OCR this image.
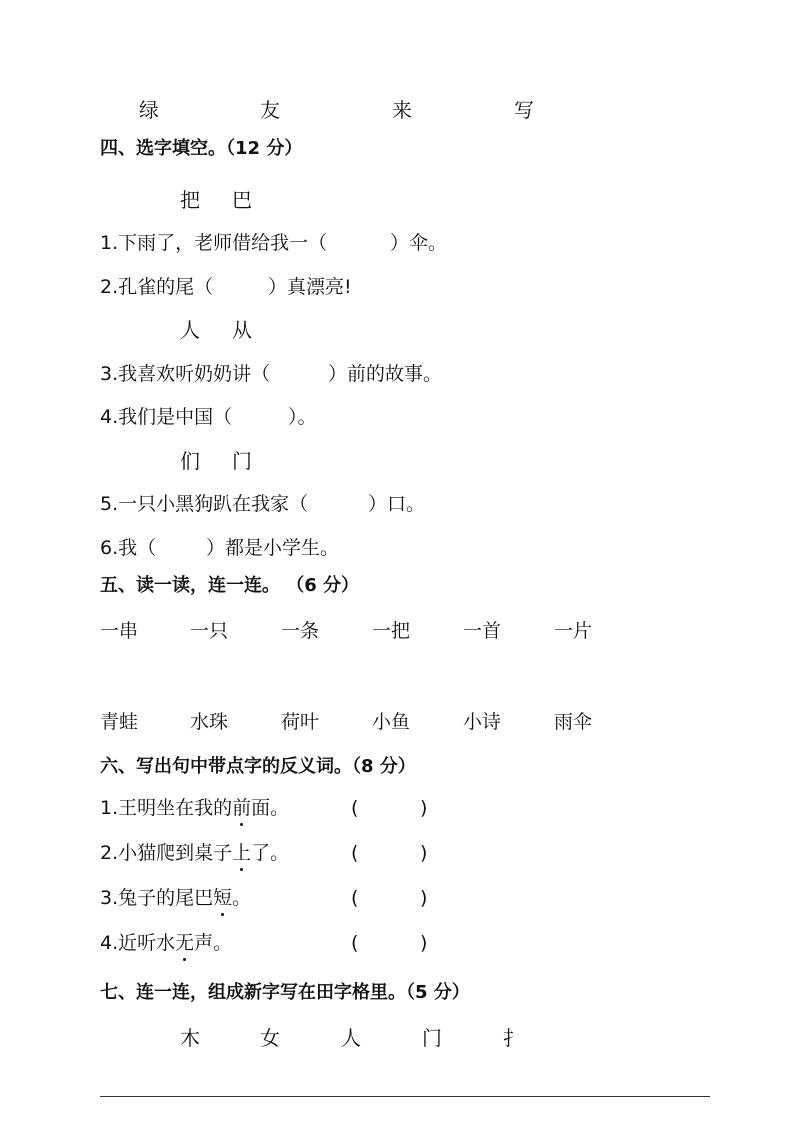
绿	友	来	写
四、选字填空。（12 分）
把 巴
1.下雨了，老师借给我一（	）伞。
2.孔雀的尾（	）真漂亮!
人 从
3.我喜欢听奶奶讲（	）前的故事。
4.我们是中国（	）。
们 门
5.一只小黑狗趴在我家（	）口。
6.我（	）都是小学生。
五、读一读，连一连。 （6 分）
一串	一只	一条	一把	一首	一片
青蛙	水珠	荷叶	小鱼	小诗	雨伞
六、写出句中带点字的反义词。（8 分）
1.王明坐在我的前面。	(	)
2.小猫爬到桌子上了。	(	)
3.兔子的尾巴短。	(	)
4.近听水无声。	(	)
七、连一连，组成新字写在田字格里。（5 分）
木	女	人	门	扌
